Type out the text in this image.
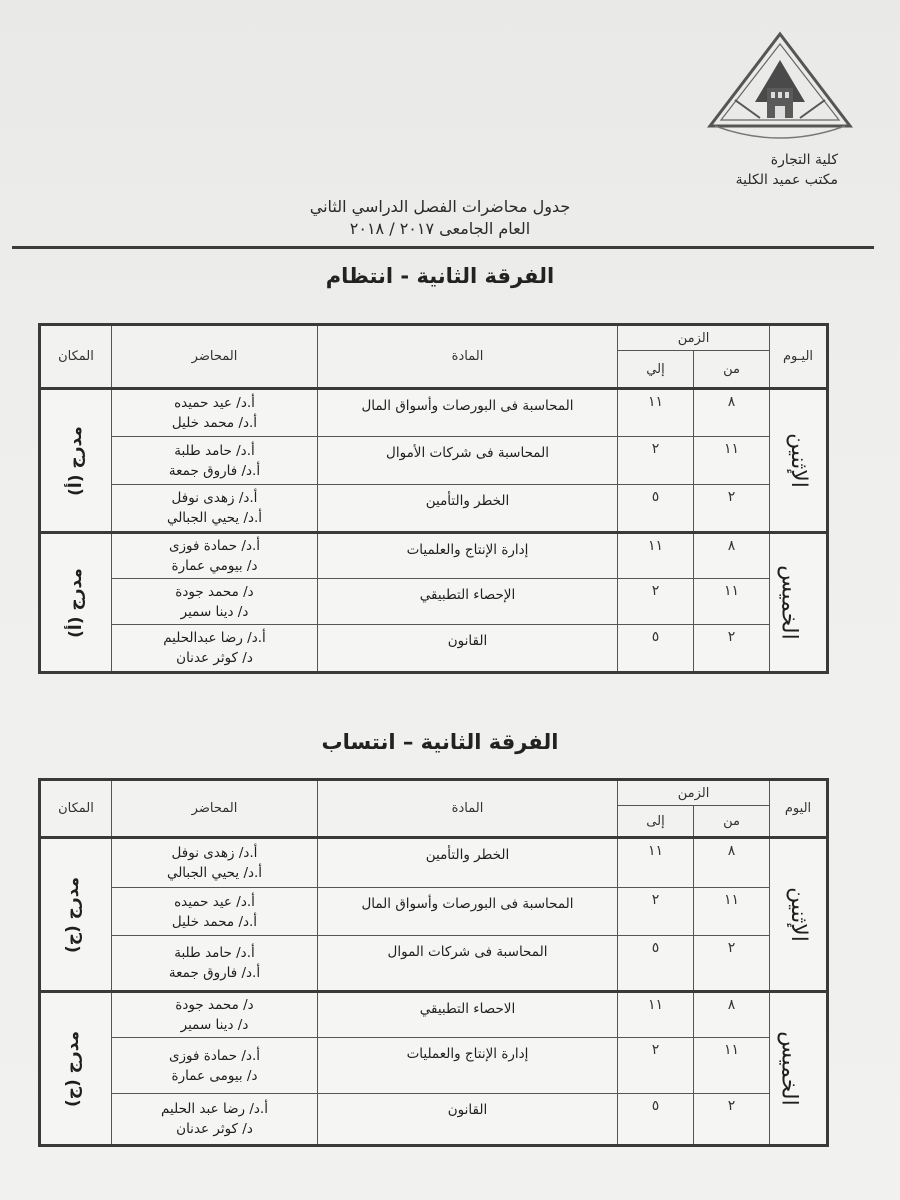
كلية التجارة
مكتب عميد الكلية
جدول محاضرات الفصل الدراسي الثاني
العام الجامعى ٢٠١٧ / ٢٠١٨
الفرقة الثانية - انتظام
اليـوم	الزمن		المادة	المحاضر	المكان
	من	إلي			
الإثنين	٨	١١	المحاسبة فى البورصات وأسواق المال	أ.د/ عيد حميده
أ.د/ محمد خليل	مدرج (أ)
	١١	٢	المحاسبة فى شركات الأموال	أ.د/ حامد طلبة
أ.د/ فاروق جمعة	

	٢	٥	الخطر والتأمين	أ.د/ زهدى نوفل
أ.د/ يحيي الجبالي	

الخميس	٨	١١	إدارة الإنتاج والعلميات	أ.د/ حمادة فوزى
د/ بيومي عمارة	مدرج (أ)
	١١	٢	الإحصاء التطبيقي	د/ محمد جودة
د/ دينا سمير	

	٢	٥	القانون	أ.د/ رضا عبدالحليم
د/ كوثر عدنان	
الفرقة الثانية – انتساب
اليوم	الزمن		المادة	المحاضر	المكان
	من	إلى			
الإثنين	٨	١١	الخطر والتأمين	أ.د/ زهدى نوفل
أ.د/ يحيي الجبالي	مدرج (ج)
	١١	٢	المحاسبة فى البورصات وأسواق المال	أ.د/ عيد حميده
أ.د/ محمد خليل	

	٢	٥	المحاسبة فى شركات الموال	أ.د/ حامد طلبة
أ.د/ فاروق جمعة	

الخميس	٨	١١	الاحصاء التطبيقي	د/ محمد جودة
د/ دينا سمير	مدرج (ج)
	١١	٢	إدارة الإنتاج والعمليات	أ.د/ حمادة فوزى
د/ بيومى عمارة	

	٢	٥	القانون	أ.د/ رضا عبد الحليم
د/ كوثر عدنان	
